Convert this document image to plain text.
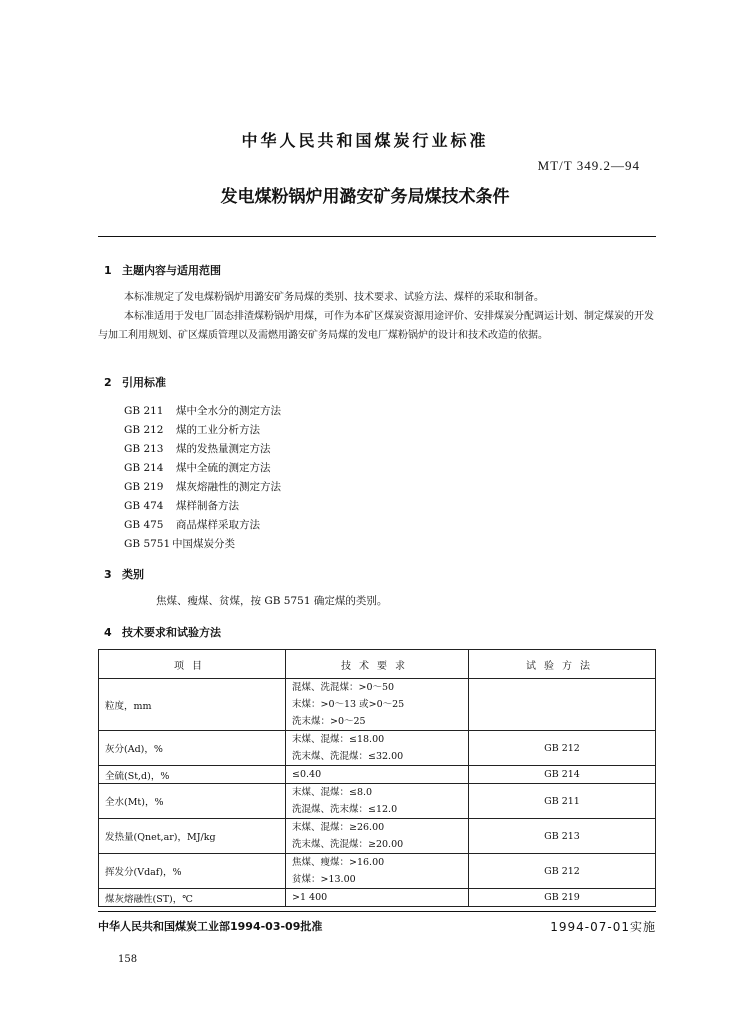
中华人民共和国煤炭行业标准
MT/T 349.2—94
发电煤粉锅炉用潞安矿务局煤技术条件
1 主题内容与适用范围
本标准规定了发电煤粉锅炉用潞安矿务局煤的类别、技术要求、试验方法、煤样的采取和制备。
本标准适用于发电厂固态排渣煤粉锅炉用煤，可作为本矿区煤炭资源用途评价、安排煤炭分配调运计划、制定煤炭的开发与加工利用规划、矿区煤质管理以及需燃用潞安矿务局煤的发电厂煤粉锅炉的设计和技术改造的依据。
2 引用标准
GB 211 煤中全水分的测定方法
GB 212 煤的工业分析方法
GB 213 煤的发热量测定方法
GB 214 煤中全硫的测定方法
GB 219 煤灰熔融性的测定方法
GB 474 煤样制备方法
GB 475 商品煤样采取方法
GB 5751 中国煤炭分类
3 类别
焦煤、瘦煤、贫煤，按 GB 5751 确定煤的类别。
4 技术要求和试验方法
项目	技术要求	试验方法
粒度，mm	混煤、洗混煤：>0～50
末煤：>0～13 或>0～25
洗末煤：>0～25	

灰分(Ad)，%	末煤、混煤：≤18.00
洗末煤、洗混煤：≤32.00	GB 212
全硫(St,d)，%	≤0.40	GB 214
全水(Mt)，%	末煤、混煤：≤8.0
洗混煤、洗末煤：≤12.0	GB 211
发热量(Qnet,ar)，MJ/kg	末煤、混煤：≥26.00
洗末煤、洗混煤：≥20.00	GB 213
挥发分(Vdaf)，%	焦煤、瘦煤：>16.00
贫煤：>13.00	GB 212
煤灰熔融性(ST)，℃	>1 400	GB 219
中华人民共和国煤炭工业部1994-03-09批准	1994-07-01实施
158
